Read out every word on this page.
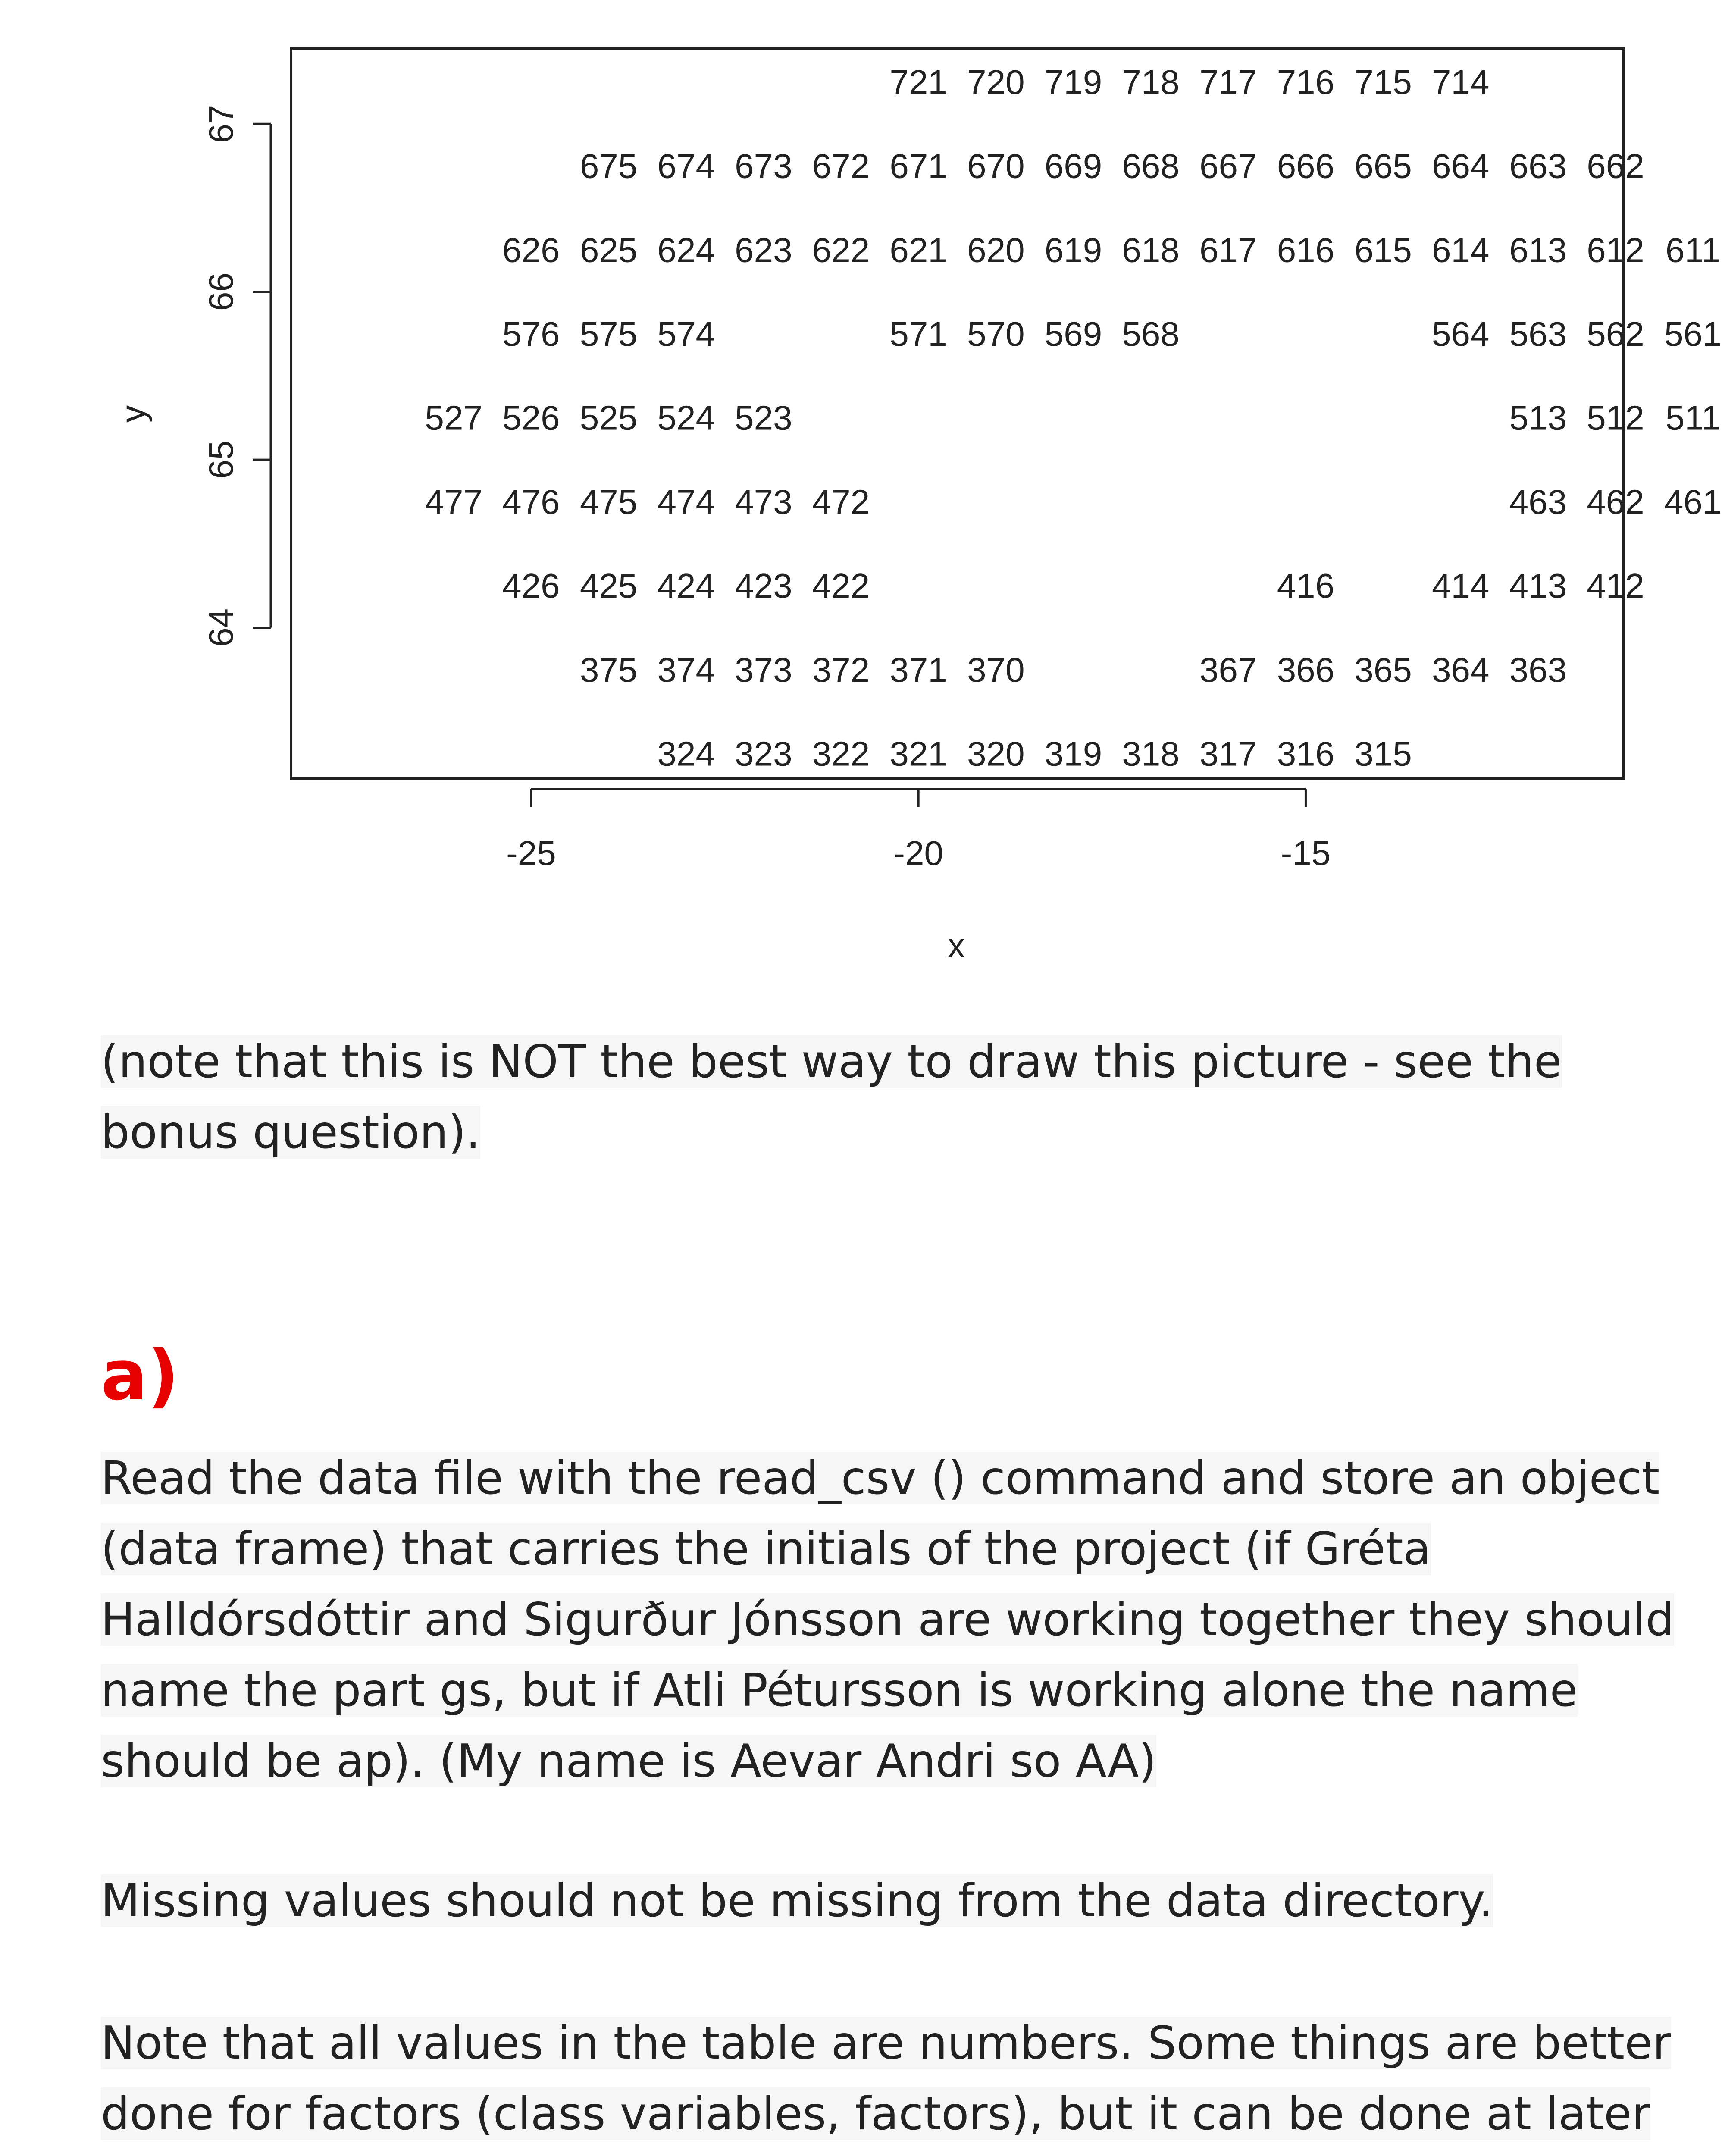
-25	-20	-15
64
65
66
67
721 720 719 718 717 716 715 714
675 674 673 672 671 670 669 668 667 666 665 664 663 662
626 625 624 623 622 621 620 619 618 617 616 615 614 613 612 611
576 575 574	571 570 569 568	564 563 562 561
527 526 525 524 523	513 512 511
477 476 475 474 473 472	463 462 461
426 425 424 423 422	416	414 413 412
375 374 373 372 371 370	367 366 365 364 363
324 323 322 321 320 319 318 317 316 315
x
y
(note that this is NOT the best way to draw this picture - see the bonus question).
a)
Read the data file with the read_csv () command and store an object (data frame) that carries the initials of the project (if Gréta Halldórsdóttir and Sigurður Jónsson are working together they should name the part gs, but if Atli Pétursson is working alone the name should be ap). (My name is Aevar Andri so AA)
Missing values should not be missing from the data directory.
Note that all values in the table are numbers. Some things are better done for factors (class variables, factors), but it can be done at later
